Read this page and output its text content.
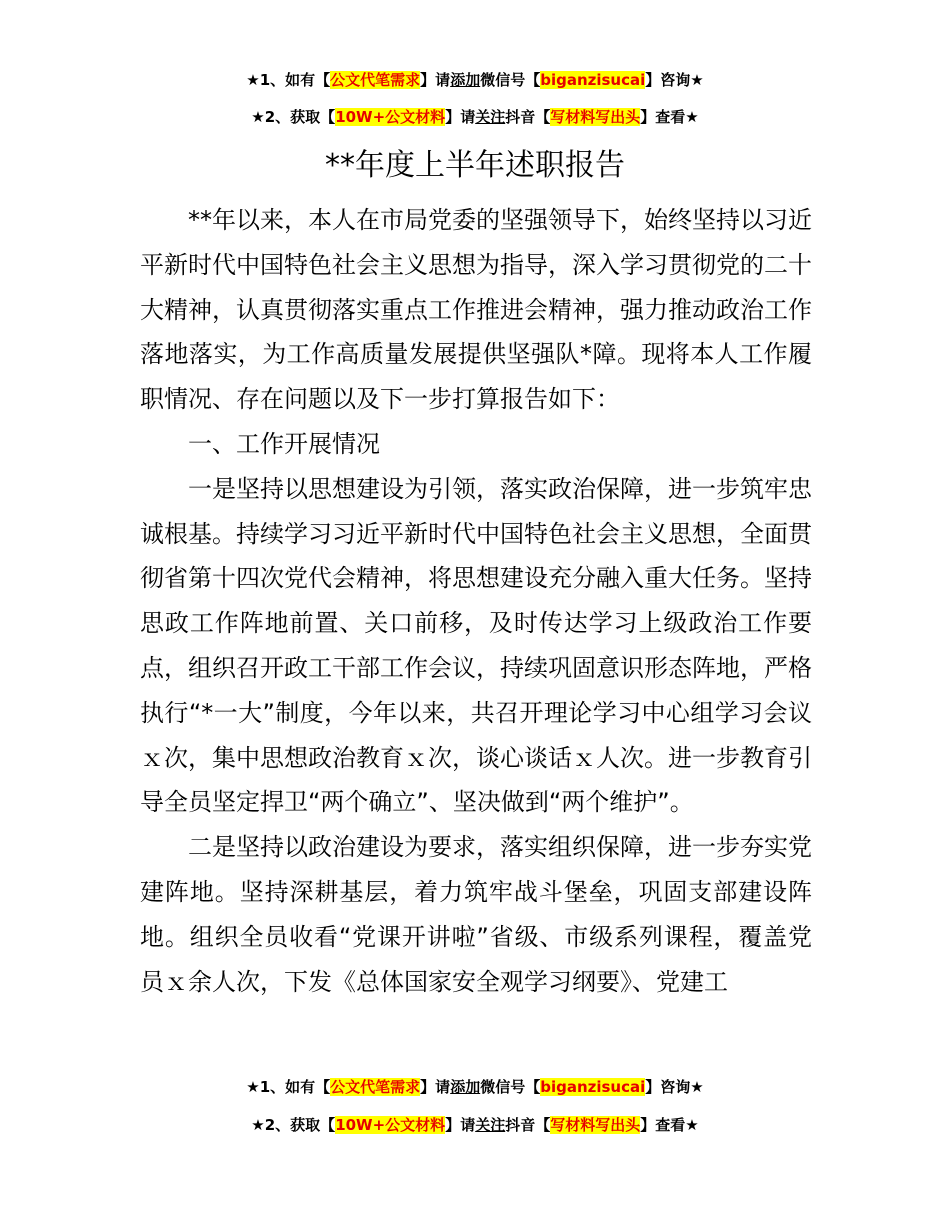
★1、如有【公文代笔需求】请添加微信号【biganzisucai】咨询★
★2、获取【10W+公文材料】请关注抖音【写材料写出头】查看★
**年度上半年述职报告

**年以来，本人在市局党委的坚强领导下，始终坚持以习近平新时代中国特色社会主义思想为指导，深入学习贯彻党的二十大精神，认真贯彻落实重点工作推进会精神，强力推动政治工作落地落实，为工作高质量发展提供坚强队*障。现将本人工作履职情况、存在问题以及下一步打算报告如下：

一、工作开展情况

一是坚持以思想建设为引领，落实政治保障，进一步筑牢忠诚根基。持续学习习近平新时代中国特色社会主义思想，全面贯彻省第十四次党代会精神，将思想建设充分融入重大任务。坚持思政工作阵地前置、关口前移，及时传达学习上级政治工作要点，组织召开政工干部工作会议，持续巩固意识形态阵地，严格执行“*一大”制度，今年以来，共召开理论学习中心组学习会议ｘ次，集中思想政治教育ｘ次，谈心谈话ｘ人次。进一步教育引导全员坚定捍卫“两个确立”、坚决做到“两个维护”。

二是坚持以政治建设为要求，落实组织保障，进一步夯实党建阵地。坚持深耕基层，着力筑牢战斗堡垒，巩固支部建设阵地。组织全员收看“党课开讲啦”省级、市级系列课程，覆盖党员ｘ余人次，下发《总体国家安全观学习纲要》、党建工

★1、如有【公文代笔需求】请添加微信号【biganzisucai】咨询★
★2、获取【10W+公文材料】请关注抖音【写材料写出头】查看★
